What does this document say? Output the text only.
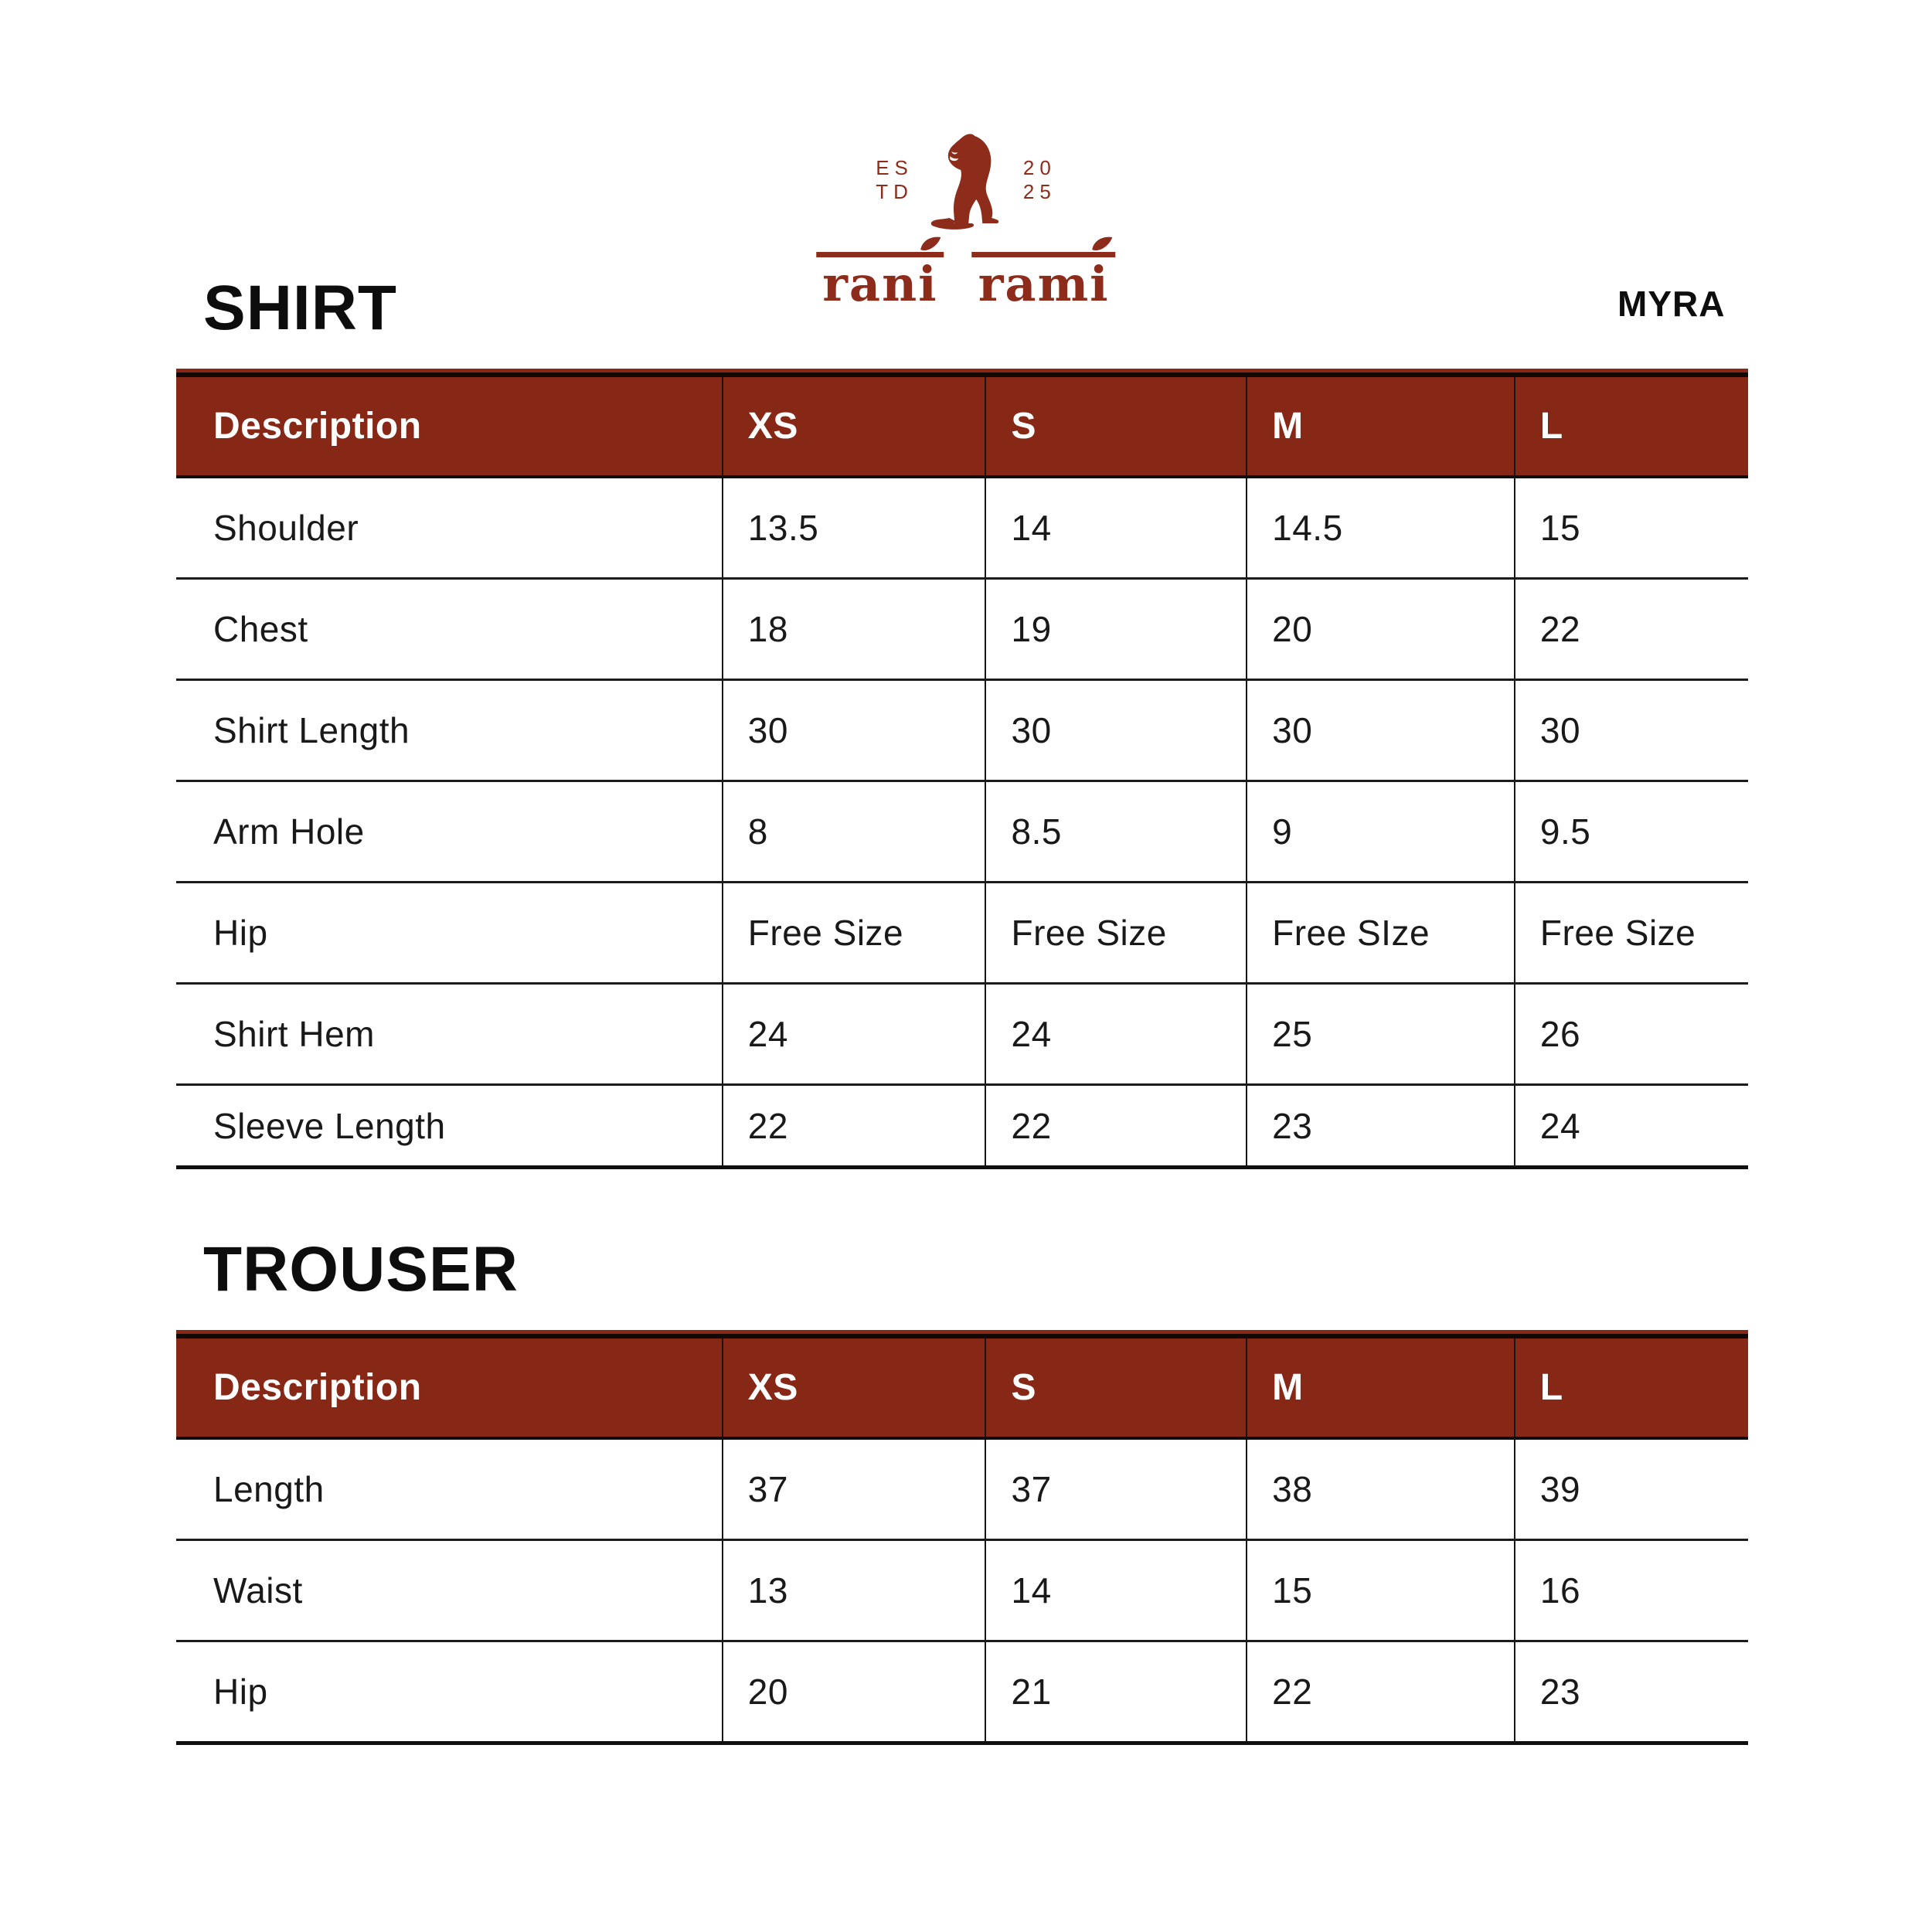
ES
TD
20
25
rani rami
SHIRT	MYRA
Description	XS	S	M	L
Shoulder	13.5	14	14.5	15
Chest	18	19	20	22
Shirt Length	30	30	30	30
Arm Hole	8	8.5	9	9.5
Hip	Free Size	Free Size	Free SIze	Free Size
Shirt Hem	24	24	25	26
Sleeve Length	22	22	23	24
TROUSER
Description	XS	S	M	L
Length	37	37	38	39
Waist	13	14	15	16
Hip	20	21	22	23
